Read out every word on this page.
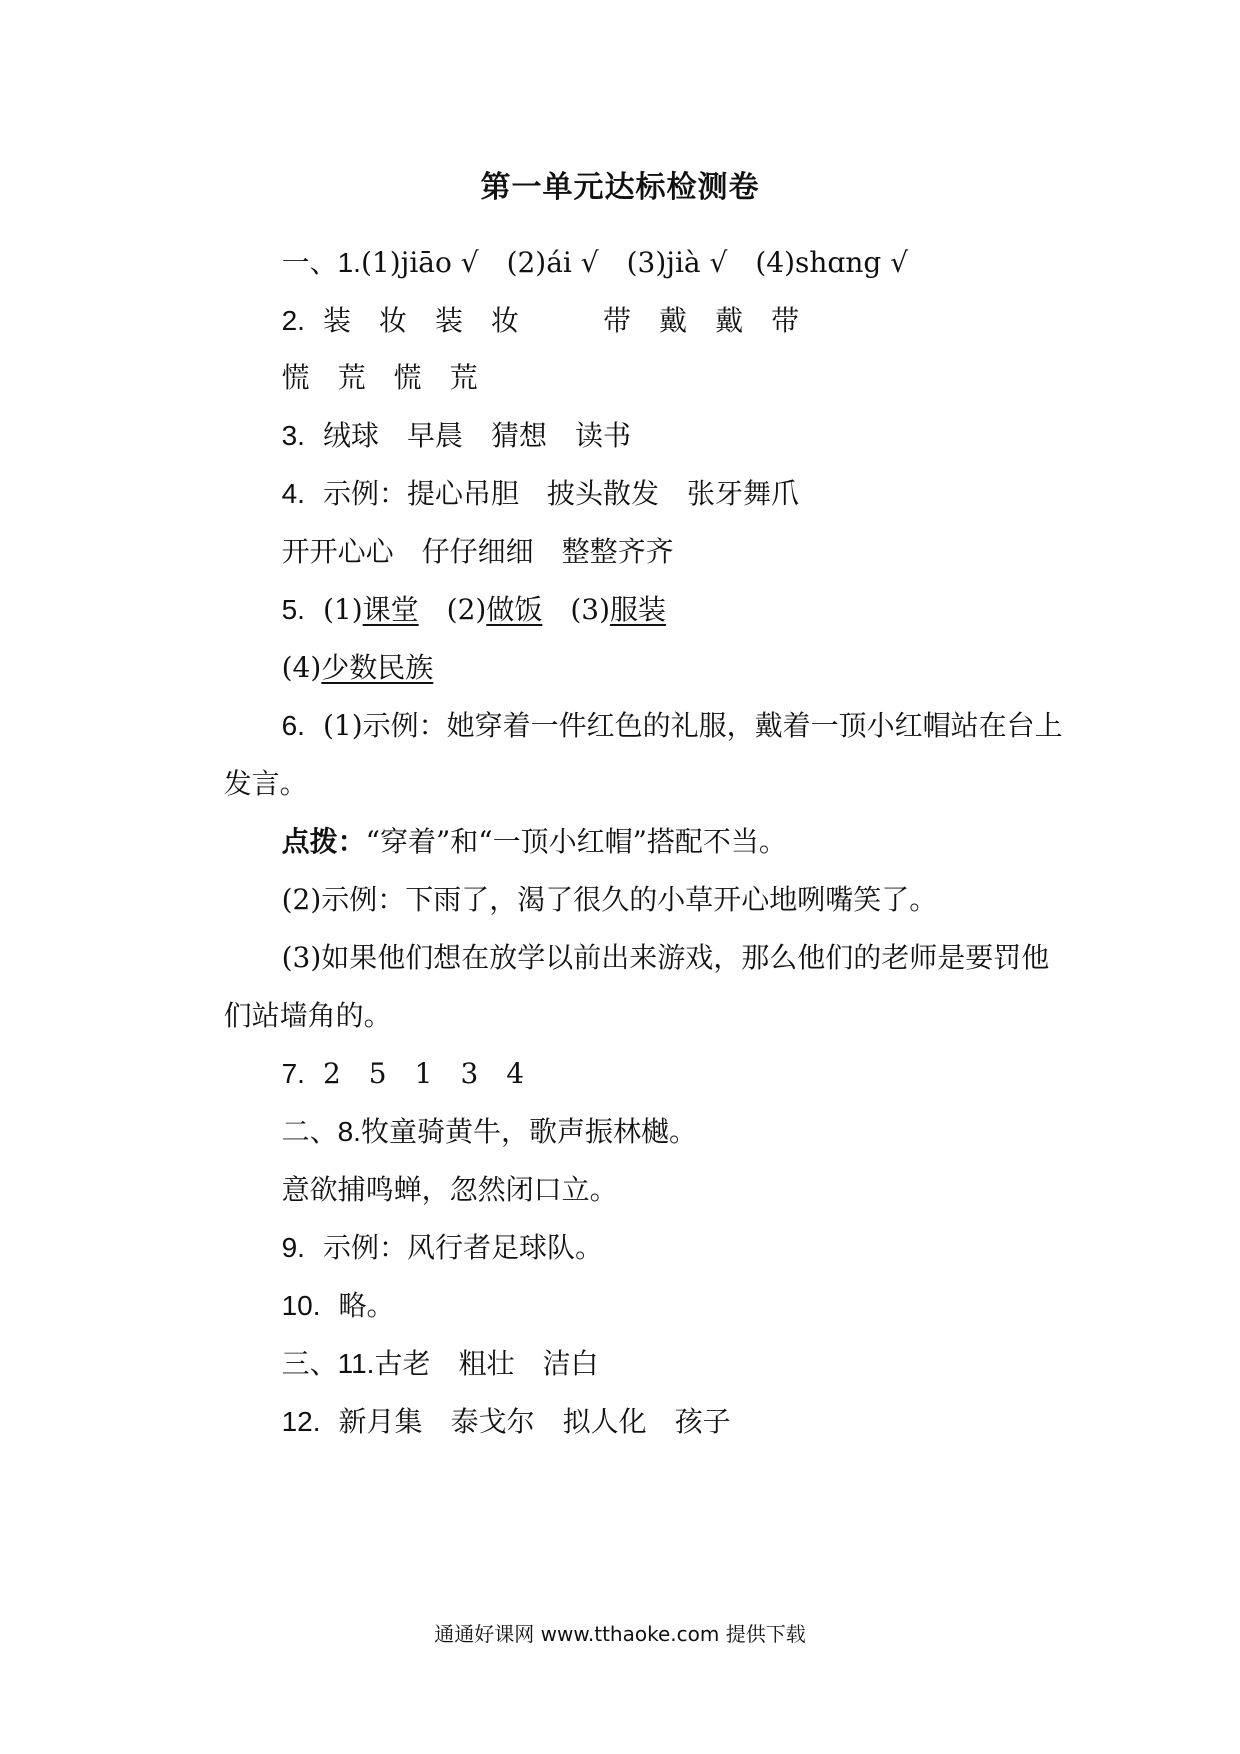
第一单元达标检测卷

一、1.(1)jiāo √ (2)ái √ (3)jià √ (4)shɑng √

2. 装 妆 装 妆	带 戴 戴 带

慌 荒 慌 荒

3. 绒球 早晨 猜想 读书

4. 示例：提心吊胆 披头散发 张牙舞爪

开开心心 仔仔细细 整整齐齐

5. (1)课堂 (2)做饭 (3)服装

(4)少数民族

6. (1)示例：她穿着一件红色的礼服，戴着一顶小红帽站在台上

发言。

点拨：“穿着”和“一顶小红帽”搭配不当。

(2)示例：下雨了，渴了很久的小草开心地咧嘴笑了。

(3)如果他们想在放学以前出来游戏，那么他们的老师是要罚他

们站墙角的。

7. 2 5 1 3 4

二、8.牧童骑黄牛，歌声振林樾。

意欲捕鸣蝉，忽然闭口立。

9. 示例：风行者足球队。

10. 略。

三、11.古老 粗壮 洁白

12. 新月集 泰戈尔 拟人化 孩子

通通好课网 www.tthaoke.com 提供下载
